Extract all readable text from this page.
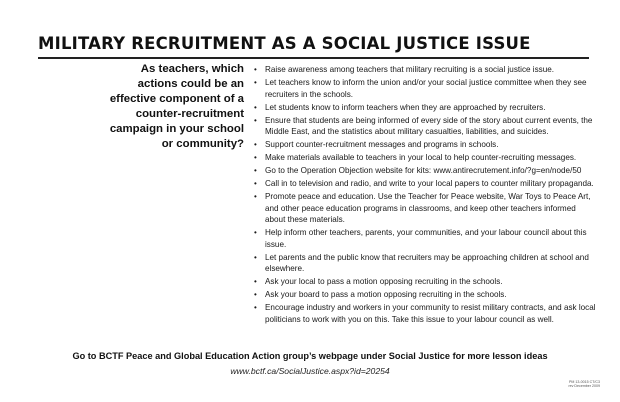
MILITARY RECRUITMENT AS A SOCIAL JUSTICE ISSUE
As teachers, which actions could be an effective component of a counter-recruitment campaign in your school or community?
• Raise awareness among teachers that military recruiting is a social justice issue.
• Let teachers know to inform the union and/or your social justice committee when they see recruiters in the schools.
• Let students know to inform teachers when they are approached by recruiters.
• Ensure that students are being informed of every side of the story about current events, the Middle East, and the statistics about military casualties, liabilities, and suicides.
• Support counter-recruitment messages and programs in schools.
• Make materials available to teachers in your local to help counter-recruiting messages.
• Go to the Operation Objection website for kits: www.antirecrutement.info/?g=en/node/50
• Call in to television and radio, and write to your local papers to counter military propaganda.
• Promote peace and education. Use the Teacher for Peace website, War Toys to Peace Art, and other peace education programs in classrooms, and keep other teachers informed about these materials.
• Help inform other teachers, parents, your communities, and your labour council about this issue.
• Let parents and the public know that recruiters may be approaching children at school and elsewhere.
• Ask your local to pass a motion opposing recruiting in the schools.
• Ask your board to pass a motion opposing recruiting in the schools.
• Encourage industry and workers in your community to resist military contracts, and ask local politicians to work with you on this. Take this issue to your labour council as well.
Go to BCTF Peace and Global Education Action group’s webpage under Social Justice for more lesson ideas
www.bctf.ca/SocialJustice.aspx?id=20254
PM 13-0015 CT/C3
rev December 2009
